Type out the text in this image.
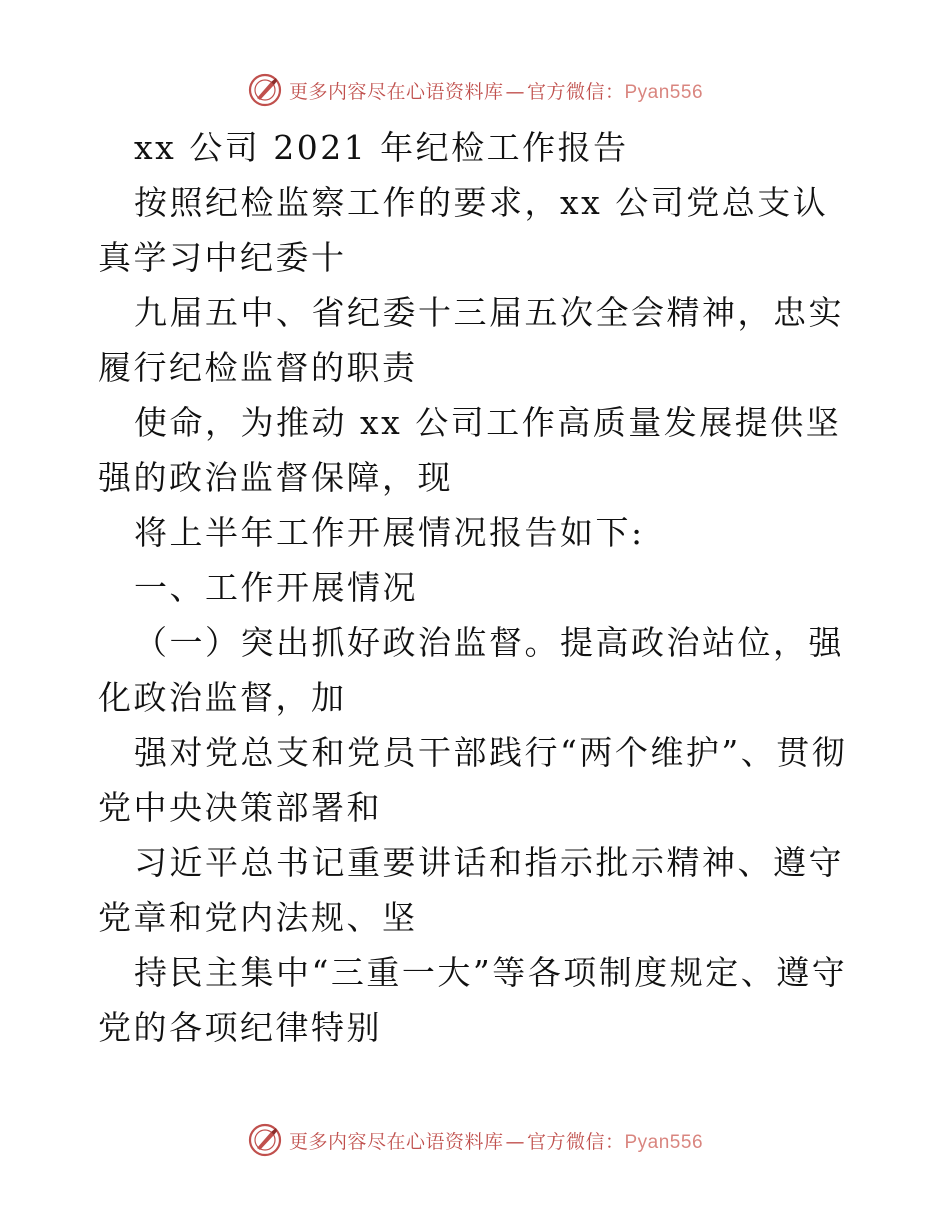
更多内容尽在心语资料库 — 官方微信：Pyan556

xx 公司 2021 年纪检工作报告

按照纪检监察工作的要求，xx 公司党总支认真学习中纪委十

九届五中、省纪委十三届五次全会精神，忠实履行纪检监督的职责

使命，为推动 xx 公司工作高质量发展提供坚强的政治监督保障，现

将上半年工作开展情况报告如下:

一、工作开展情况

（一）突出抓好政治监督。提高政治站位，强化政治监督，加

强对党总支和党员干部践行“两个维护”、贯彻党中央决策部署和

习近平总书记重要讲话和指示批示精神、遵守党章和党内法规、坚

持民主集中“三重一大”等各项制度规定、遵守党的各项纪律特别

更多内容尽在心语资料库 — 官方微信：Pyan556
